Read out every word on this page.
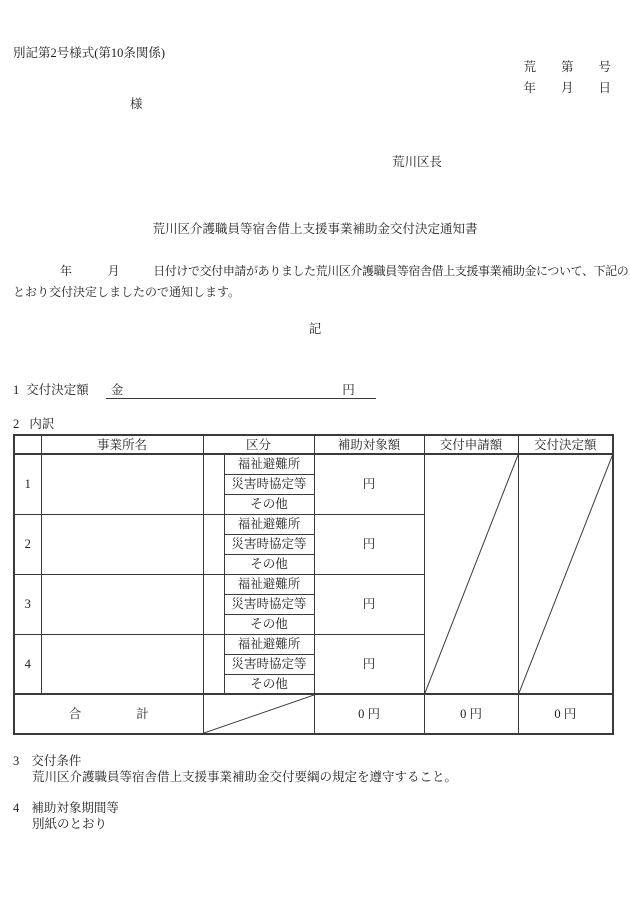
別記第2号様式(第10条関係)
荒 第 号
年 月 日
様
荒川区長
荒川区介護職員等宿舎借上支援事業補助金交付決定通知書
年	月	日付けで交付申請がありました荒川区介護職員等宿舎借上支援事業補助金について、下記の
とおり交付決定しましたので通知します。
記
1 交付決定額	金	円
2 内訳
	事業所名	区分		補助対象額	交付申請額	交付決定額
1			福祉避難所	円	

			災害時協定等			
			その他			
2			福祉避難所	円		
			災害時協定等			
			その他			
3			福祉避難所	円		
			災害時協定等			
			その他			
4			福祉避難所	円		
			災害時協定等			
			その他			
合 計				0 円	0 円	0 円
3 交付条件
荒川区介護職員等宿舎借上支援事業補助金交付要綱の規定を遵守すること。
4 補助対象期間等
別紙のとおり
